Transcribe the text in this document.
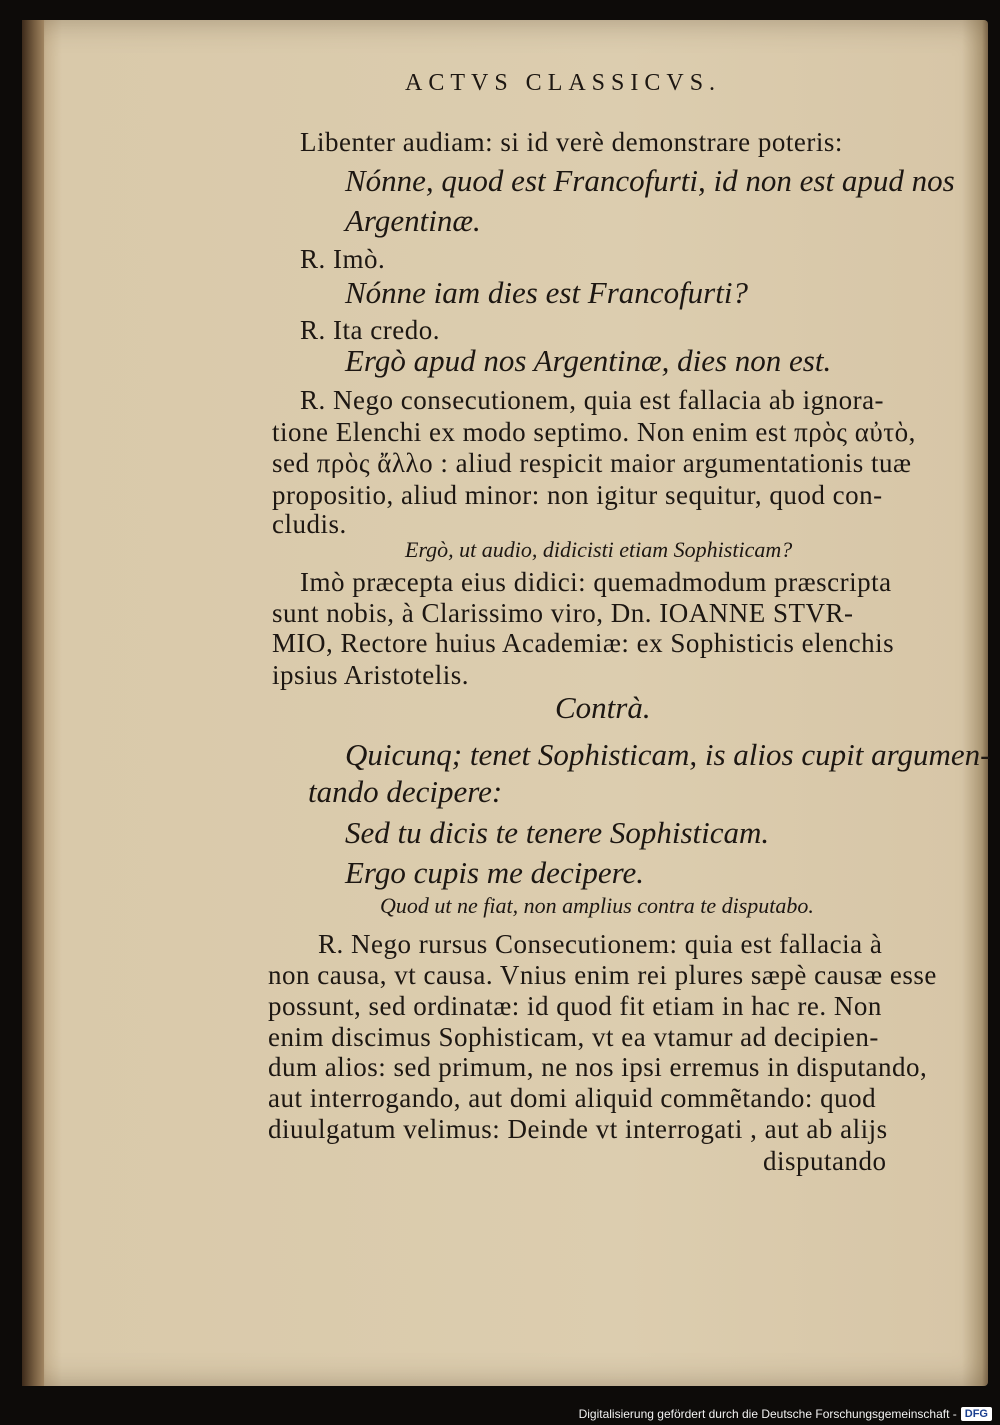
ACTVS CLASSICVS.
Libenter audiam: si id verè demonstrare poteris:
Nónne, quod est Francofurti, id non est apud nos
Argentinæ.
R. Imò.
Nónne iam dies est Francofurti?
R. Ita credo.
Ergò apud nos Argentinæ, dies non est.
R. Nego consecutionem, quia est fallacia ab ignora-
tione Elenchi ex modo septimo. Non enim est πρὸς αὐτὸ,
sed πρὸς ἄλλο : aliud respicit maior argumentationis tuæ
propositio, aliud minor: non igitur sequitur, quod con-
cludis.
Ergò, ut audio, didicisti etiam Sophisticam?
Imò præcepta eius didici: quemadmodum præscripta
sunt nobis, à Clarissimo viro, Dn. IOANNE STVR-
MIO, Rectore huius Academiæ: ex Sophisticis elenchis
ipsius Aristotelis.
Contrà.
Quicunq; tenet Sophisticam, is alios cupit argumen-
tando decipere:
Sed tu dicis te tenere Sophisticam.
Ergo cupis me decipere.
Quod ut ne fiat, non amplius contra te disputabo.
R. Nego rursus Consecutionem: quia est fallacia à
non causa, vt causa. Vnius enim rei plures sæpè causæ esse
possunt, sed ordinatæ: id quod fit etiam in hac re. Non
enim discimus Sophisticam, vt ea vtamur ad decipien-
dum alios: sed primum, ne nos ipsi erremus in disputando,
aut interrogando, aut domi aliquid commẽtando: quod
diuulgatum velimus: Deinde vt interrogati , aut ab alijs
disputando
Digitalisierung gefördert durch die Deutsche Forschungsgemeinschaft - DFG
